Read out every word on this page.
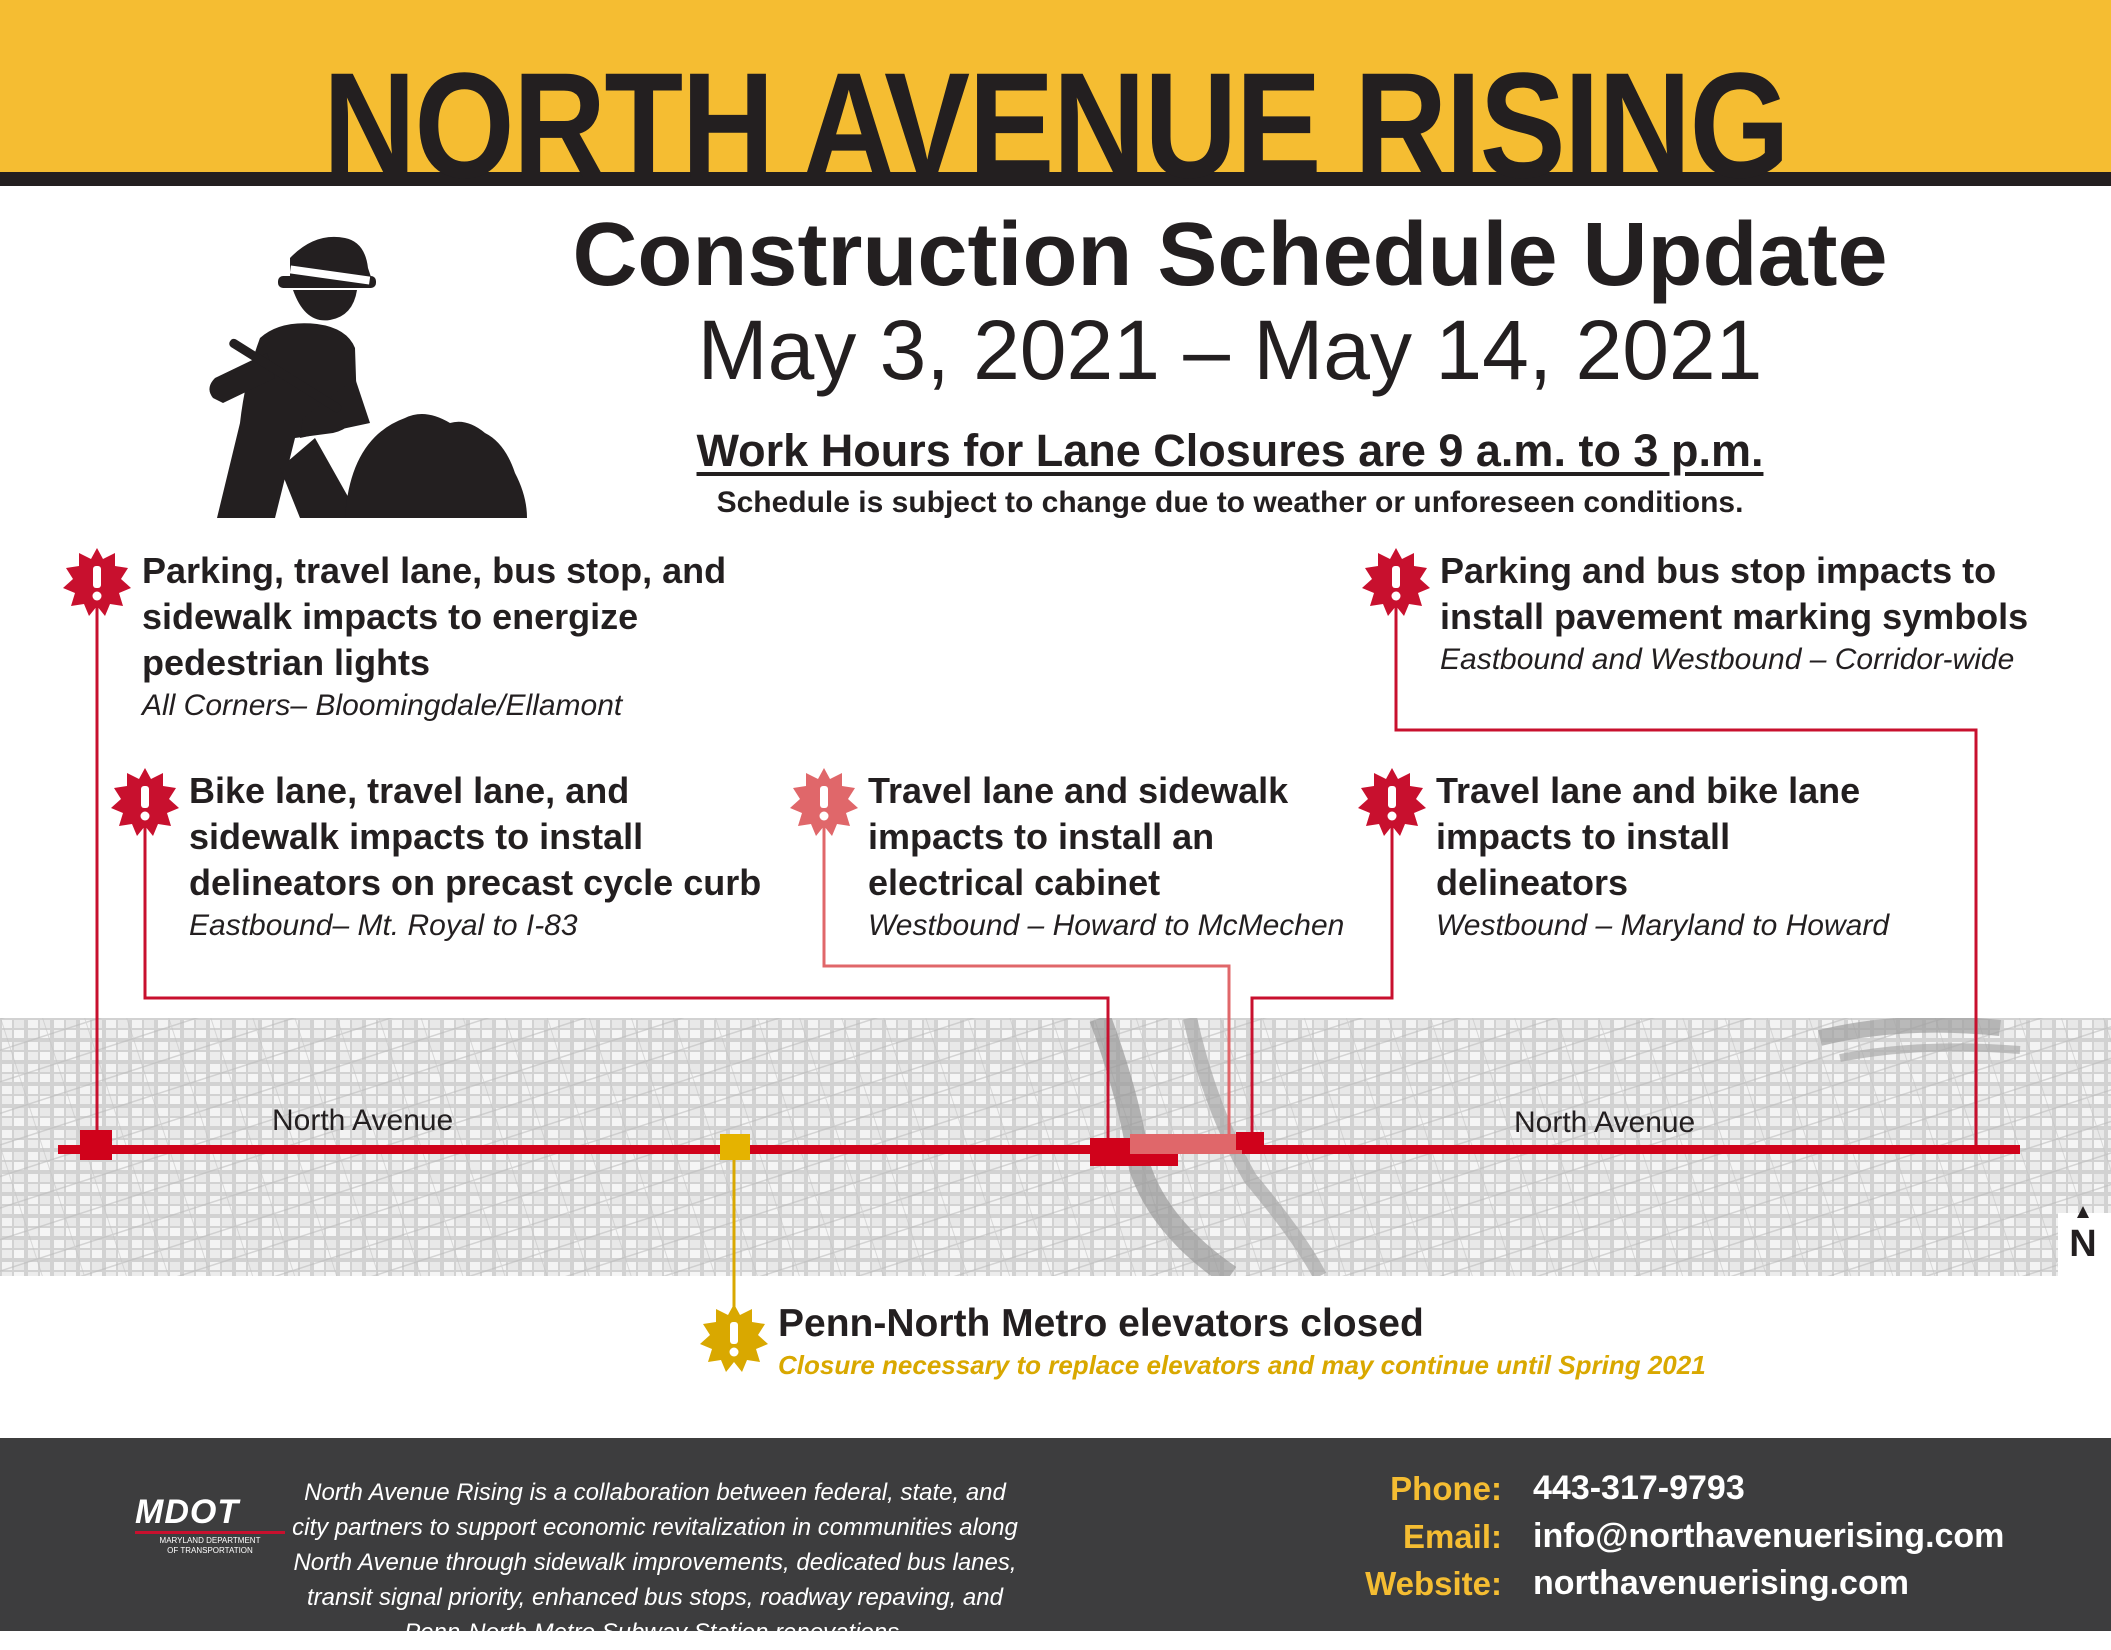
NORTH AVENUE RISING
Construction Schedule Update
May 3, 2021 – May 14, 2021
Work Hours for Lane Closures are 9 a.m. to 3 p.m.
Schedule is subject to change due to weather or unforeseen conditions.
North Avenue	North Avenue
N
Parking, travel lane, bus stop, and
sidewalk impacts to energize
pedestrian lights
All Corners– Bloomingdale/Ellamont
Parking and bus stop impacts to
install pavement marking symbols
Eastbound and Westbound – Corridor-wide
Bike lane, travel lane, and
sidewalk impacts to install
delineators on precast cycle curb
Eastbound– Mt. Royal to I-83
Travel lane and sidewalk
impacts to install an
electrical cabinet
Westbound – Howard to McMechen
Travel lane and bike lane
impacts to install
delineators
Westbound – Maryland to Howard
Penn-North Metro elevators closed
Closure necessary to replace elevators and may continue until Spring 2021
MDOT
MARYLAND DEPARTMENT
OF TRANSPORTATION
North Avenue Rising is a collaboration between federal, state, and city partners to support economic revitalization in communities along North Avenue through sidewalk improvements, dedicated bus lanes, transit signal priority, enhanced bus stops, roadway repaving, and Penn-North Metro Subway Station renovations.
Phone: 443-317-9793
Email: info@northavenuerising.com
Website: northavenuerising.com
